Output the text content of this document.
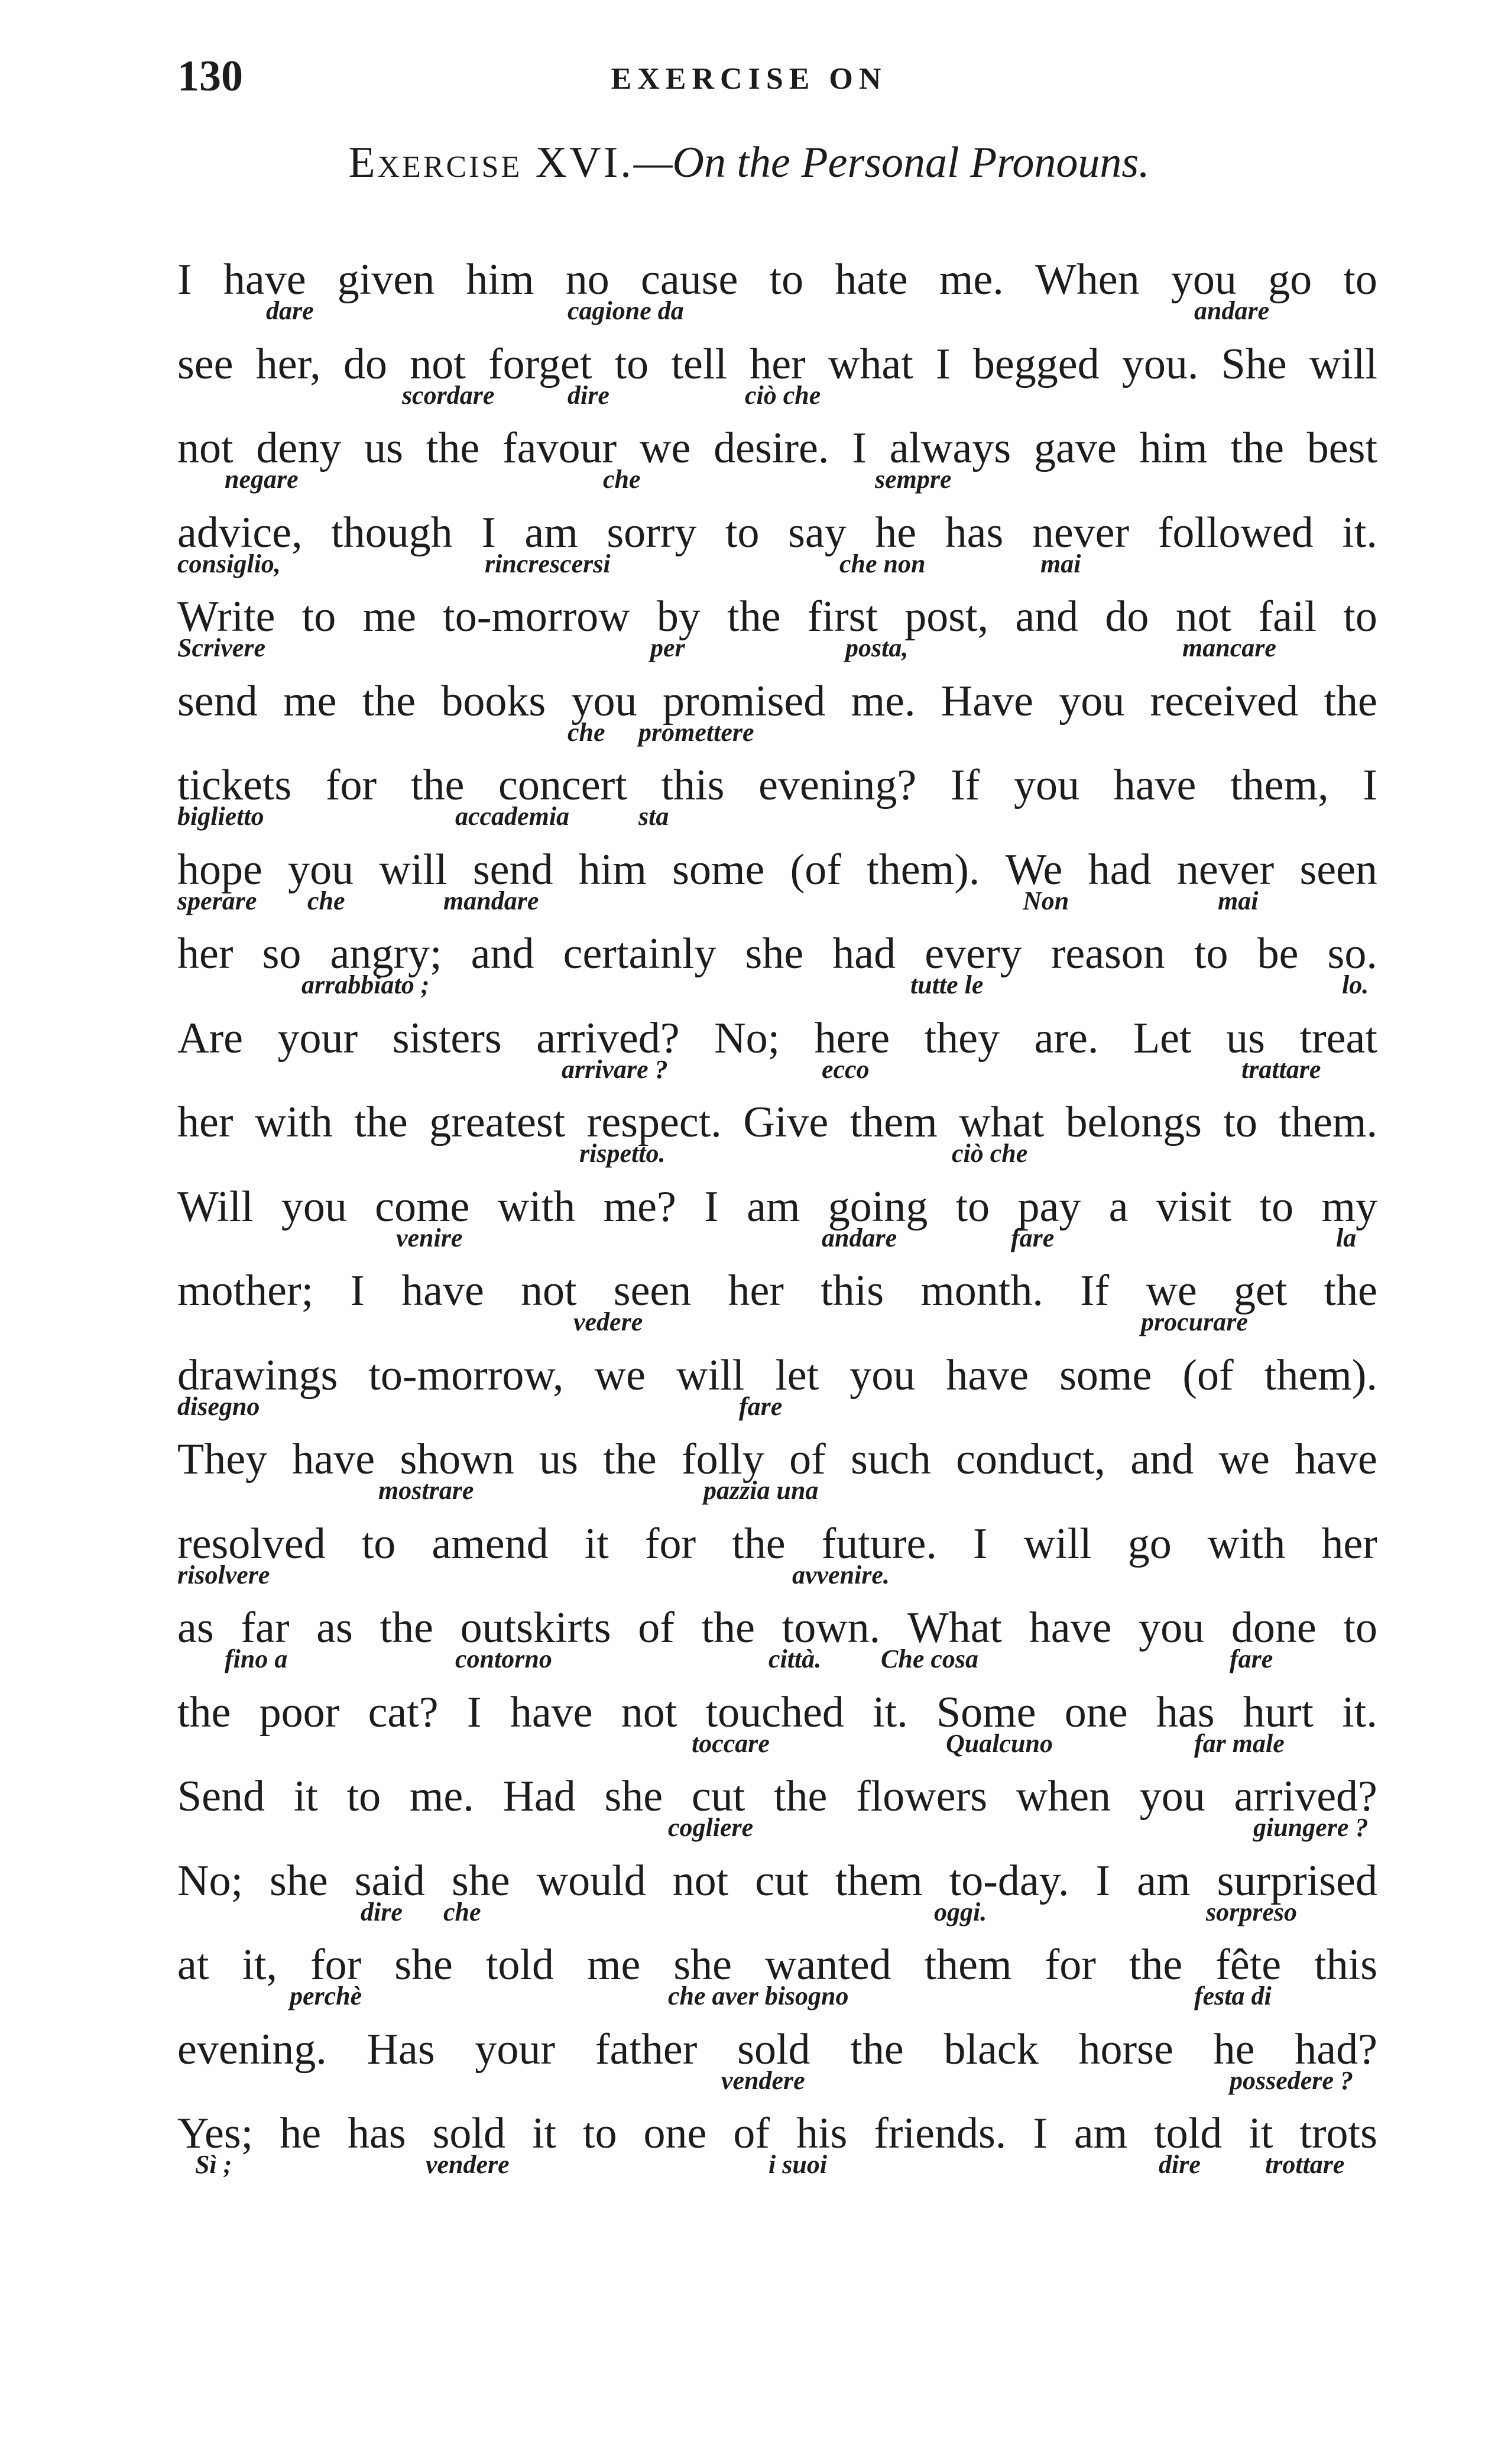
130	EXERCISE ON
Exercise XVI.—On the Personal Pronouns.
I have given him no cause to hate me. When you go to
dare	cagione da	andare
see her, do not forget to tell her what I begged you. She will
scordare	dire	ciò che
not deny us the favour we desire. I always gave him the best
negare	che	sempre
advice, though I am sorry to say he has never followed it.
consiglio,	rincrescersi	che non	mai
Write to me to-morrow by the first post, and do not fail to
Scrivere	per	posta,	mancare
send me the books you promised me. Have you received the
che promettere
tickets for the concert this evening? If you have them, I
biglietto	accademia	sta
hope you will send him some (of them). We had never seen
sperare che	mandare	Non	mai
her so angry; and certainly she had every reason to be so.
arrabbiato ;	tutte le	lo.
Are your sisters arrived? No; here they are. Let us treat
arrivare ?	ecco	trattare
her with the greatest respect. Give them what belongs to them.
rispetto.	ciò che
Will you come with me? I am going to pay a visit to my
venire	andare	fare	la
mother; I have not seen her this month. If we get the
vedere	procurare
drawings to-morrow, we will let you have some (of them).
disegno	fare
They have shown us the folly of such conduct, and we have
mostrare	pazzia una
resolved to amend it for the future. I will go with her
risolvere	avvenire.
as far as the outskirts of the town. What have you done to
fino a	contorno	città. Che cosa	fare
the poor cat? I have not touched it. Some one has hurt it.
toccare	Qualcuno	far male
Send it to me. Had she cut the flowers when you arrived?
cogliere	giungere ?
No; she said she would not cut them to-day. I am surprised
dire che	oggi.	sorpreso
at it, for she told me she wanted them for the fête this
perchè	che aver bisogno	festa di
evening. Has your father sold the black horse he had?
vendere	possedere ?
Yes; he has sold it to one of his friends. I am told it trots
Sì ;	vendere	i suoi	dire trottare
